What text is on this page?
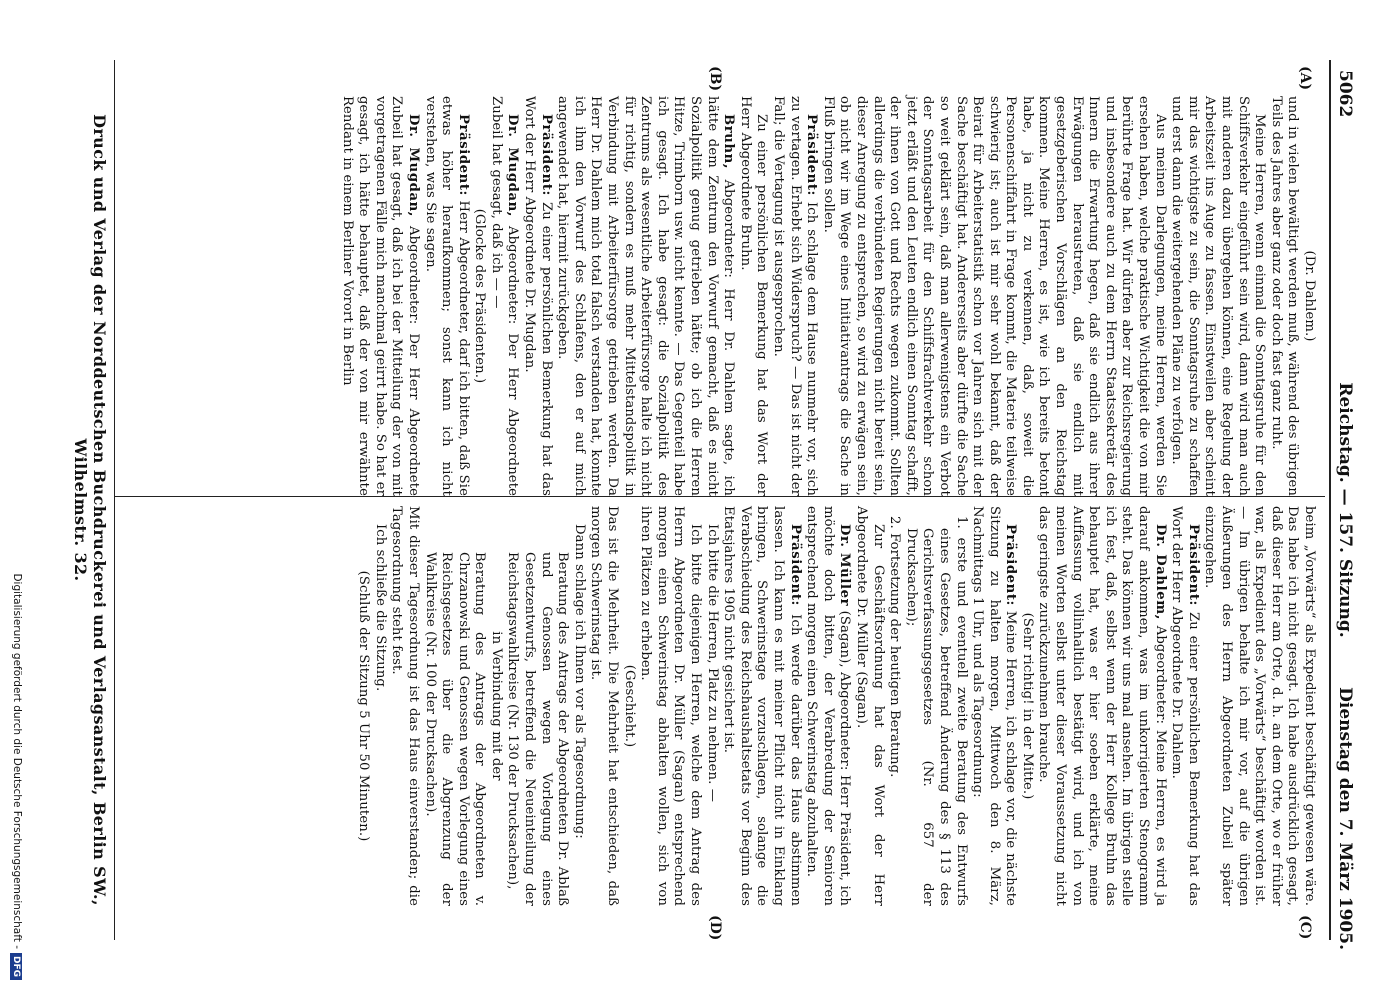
5062
Reichstag. — 157. Sitzung.
Dienstag den 7. März 1905.
(A)
(B)
(C)
(D)

(Dr. Dahlem.)

und in vielen bewältigt werden muß, während des übrigen Teils des Jahres aber ganz oder doch fast ganz ruht.

Meine Herren, wenn einmal die Sonntagsruhe für den Schiffsverkehr eingeführt sein wird, dann wird man auch mit anderen dazu übergehen können, eine Regelung der Arbeitszeit ins Auge zu fassen. Einstweilen aber scheint mir das wichtigste zu sein, die Sonntagsruhe zu schaffen und erst dann die weitergehenden Pläne zu verfolgen.

Aus meinen Darlegungen, meine Herren, werden Sie ersehen haben, welche praktische Wichtigkeit die von mir berührte Frage hat. Wir dürfen aber zur Reichsregierung und insbesondere auch zu dem Herrn Staatssekretär des Innern die Erwartung hegen, daß sie endlich aus ihrer Erwägungen heraustreten, daß sie endlich mit gesetzgeberischen Vorschlägen an den Reichstag kommen. Meine Herren, es ist, wie ich bereits betont habe, ja nicht zu verkennen, daß, soweit die Personenschiffahrt in Frage kommt, die Materie teilweise schwierig ist; auch ist mir sehr wohl bekannt, daß der Beirat für Arbeiterstatistik schon vor Jahren sich mit der Sache beschäftigt hat. Andererseits aber dürfte die Sache so weit geklärt sein, daß man allerwenigstens ein Verbot der Sonntagsarbeit für den Schiffsfrachtverkehr schon jetzt erläßt und den Leuten endlich einen Sonntag schafft, der ihnen von Gott und Rechts wegen zukommt. Sollten allerdings die verbündeten Regierungen nicht bereit sein, dieser Anregung zu entsprechen, so wird zu erwägen sein, ob nicht wir im Wege eines Initiativantrags die Sache in Fluß bringen sollen.

Präsident: Ich schlage dem Hause nunmehr vor, sich zu vertagen. Erhebt sich Widerspruch? — Das ist nicht der Fall; die Vertagung ist ausgesprochen.

Zu einer persönlichen Bemerkung hat das Wort der Herr Abgeordnete Bruhn.

Bruhn, Abgeordneter: Herr Dr. Dahlem sagte, ich hätte dem Zentrum den Vorwurf gemacht, daß es nicht Sozialpolitik genug getrieben hätte; ob ich die Herren Hitze, Trimborn usw. nicht kennte. — Das Gegenteil habe ich gesagt. Ich habe gesagt: die Sozialpolitik des Zentrums als wesentliche Arbeiterfürsorge halte ich nicht für richtig, sondern es muß mehr Mittelstandspolitik in Verbindung mit Arbeiterfürsorge getrieben werden. Da Herr Dr. Dahlem mich total falsch verstanden hat, konnte ich ihm den Vorwurf des Schlafens, den er auf mich angewendet hat, hiermit zurückgeben.

Präsident: Zu einer persönlichen Bemerkung hat das Wort der Herr Abgeordnete Dr. Mugdan.

Dr. Mugdan, Abgeordneter: Der Herr Abgeordnete Zubeil hat gesagt, daß ich — —

(Glocke des Präsidenten.)

Präsident: Herr Abgeordneter, darf ich bitten, daß Sie etwas höher heraufkommen; sonst kann ich nicht verstehen, was Sie sagen.

Dr. Mugdan, Abgeordneter: Der Herr Abgeordnete Zubeil hat gesagt, daß ich bei der Mitteilung der von mit vorgetragenen Fälle mich manchmal geirrt habe. So hat er gesagt, ich hätte behauptet, daß der von mir erwähnte Rendant in einem Berliner Vorort in Berlin

beim „Vorwärts“ als Expedient beschäftigt gewesen wäre. Das habe ich nicht gesagt. Ich habe ausdrücklich gesagt, daß dieser Herr am Orte, d. h. an dem Orte, wo er früher war, als Expedient des „Vorwärts“ beschäftigt worden ist. — Im übrigen behalte ich mir vor, auf die übrigen Äußerungen des Herrn Abgeordneten Zubeil später einzugehen.

Präsident: Zu einer persönlichen Bemerkung hat das Wort der Herr Abgeordnete Dr. Dahlem.

Dr. Dahlem, Abgeordneter: Meine Herren, es wird ja darauf ankommen, was im unkorrigierten Stenogramm steht. Das können wir uns mal ansehen. Im übrigen stelle ich fest, daß, selbst wenn der Herr Kollege Bruhn das behauptet hat, was er hier soeben erklärte, meine Auffassung vollinhaltlich bestätigt wird, und ich von meinen Worten selbst unter dieser Voraussetzung nicht das geringste zurückzunehmen brauche.

(Sehr richtig! in der Mitte.)

Präsident: Meine Herren, ich schlage vor, die nächste Sitzung zu halten morgen, Mittwoch den 8. März, Nachmittags 1 Uhr, und als Tagesordnung:

1. erste und eventuell zweite Beratung des Entwurfs eines Gesetzes, betreffend Änderung des § 113 des Gerichtsverfassungsgesetzes (Nr. 657 der Drucksachen);

2. Fortsetzung der heutigen Beratung.

Zur Geschäftsordnung hat das Wort der Herr Abgeordnete Dr. Müller (Sagan).

Dr. Müller (Sagan), Abgeordneter: Herr Präsident, ich möchte doch bitten, der Verabredung der Senioren entsprechend morgen einen Schwerinstag abzuhalten.

Präsident: Ich werde darüber das Haus abstimmen lassen. Ich kann es mit meiner Pflicht nicht in Einklang bringen, Schwerinstage vorzuschlagen, solange die Verabschiedung des Reichshaushaltsetats vor Beginn des Etatsjahres 1905 nicht gesichert ist.

Ich bitte die Herren, Platz zu nehmen. —

Ich bitte diejenigen Herren, welche dem Antrag des Herrn Abgeordneten Dr. Müller (Sagan) entsprechend morgen einen Schwerinstag abhalten wollen, sich von ihren Plätzen zu erheben.

(Geschieht.)

Das ist die Mehrheit. Die Mehrheit hat entschieden, daß morgen Schwerinstag ist.

Dann schlage ich Ihnen vor als Tagesordnung:

Beratung des Antrags der Abgeordneten Dr. Ablaß und Genossen wegen Vorlegung eines Gesetzentwurfs, betreffend die Neueinteilung der Reichstagswahlkreise (Nr. 130 der Drucksachen),

in Verbindung mit der

Beratung des Antrags der Abgeordneten v. Chrzanowski und Genossen wegen Vorlegung eines Reichsgesetzes über die Abgrenzung der Wahlkreise (Nr. 100 der Drucksachen).

Mit dieser Tagesordnung ist das Haus einverstanden; die Tagesordnung steht fest.

Ich schließe die Sitzung.

(Schluß der Sitzung 5 Uhr 50 Minuten.)

Druck und Verlag der Norddeutschen Buchdruckerei und Verlagsanstalt, Berlin SW., Wilhelmstr. 32.
Digitalisierung gefördert durch die Deutsche Forschungsgemeinschaft -DFG
